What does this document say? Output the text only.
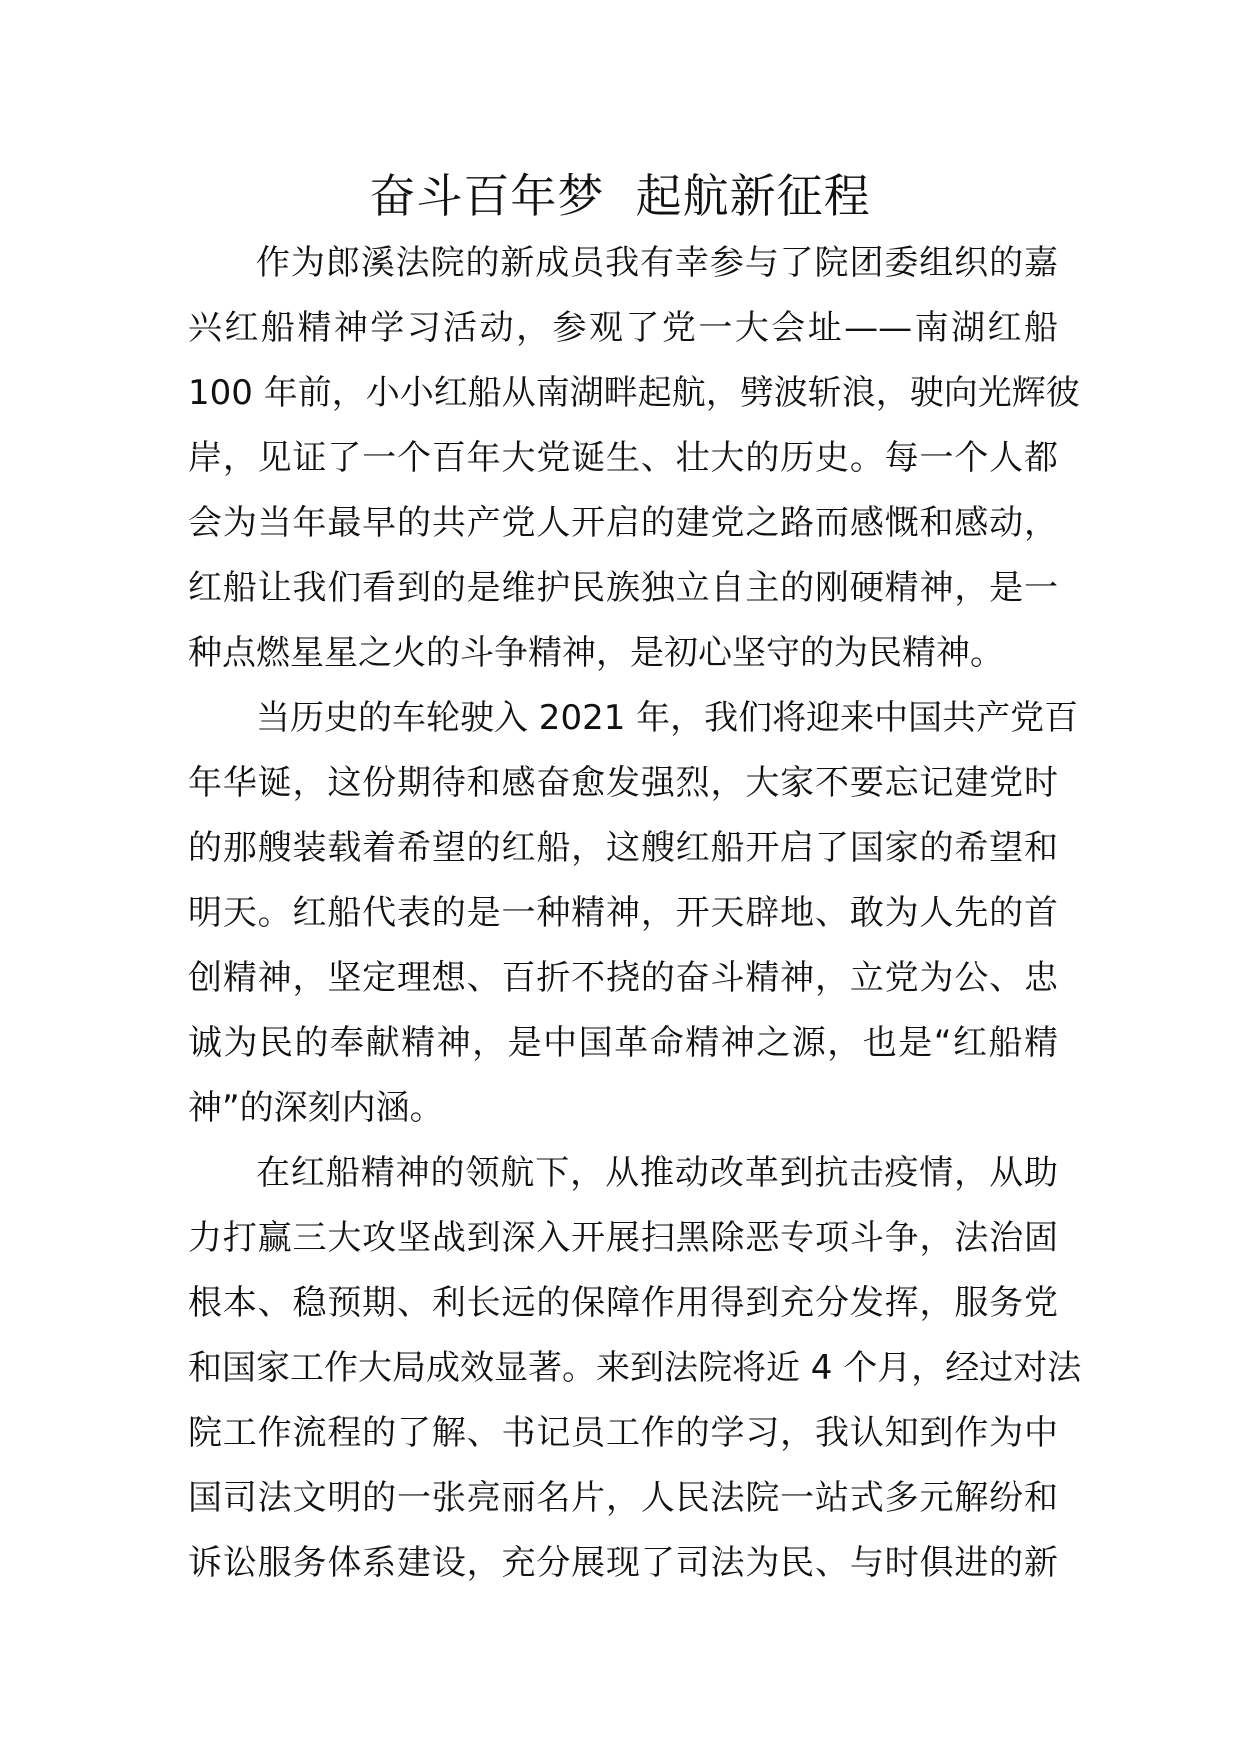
奋斗百年梦  起航新征程
作为郎溪法院的新成员我有幸参与了院团委组织的嘉
兴红船精神学习活动，参观了党一大会址——南湖红船
100 年前，小小红船从南湖畔起航，劈波斩浪，驶向光辉彼
岸，见证了一个百年大党诞生、壮大的历史。每一个人都
会为当年最早的共产党人开启的建党之路而感慨和感动，
红船让我们看到的是维护民族独立自主的刚硬精神，是一
种点燃星星之火的斗争精神，是初心坚守的为民精神。
当历史的车轮驶入 2021 年，我们将迎来中国共产党百
年华诞，这份期待和感奋愈发强烈，大家不要忘记建党时
的那艘装载着希望的红船，这艘红船开启了国家的希望和
明天。红船代表的是一种精神，开天辟地、敢为人先的首
创精神，坚定理想、百折不挠的奋斗精神，立党为公、忠
诚为民的奉献精神，是中国革命精神之源，也是“红船精
神”的深刻内涵。
在红船精神的领航下，从推动改革到抗击疫情，从助
力打赢三大攻坚战到深入开展扫黑除恶专项斗争，法治固
根本、稳预期、利长远的保障作用得到充分发挥，服务党
和国家工作大局成效显著。来到法院将近 4 个月，经过对法
院工作流程的了解、书记员工作的学习，我认知到作为中
国司法文明的一张亮丽名片，人民法院一站式多元解纷和
诉讼服务体系建设，充分展现了司法为民、与时俱进的新
